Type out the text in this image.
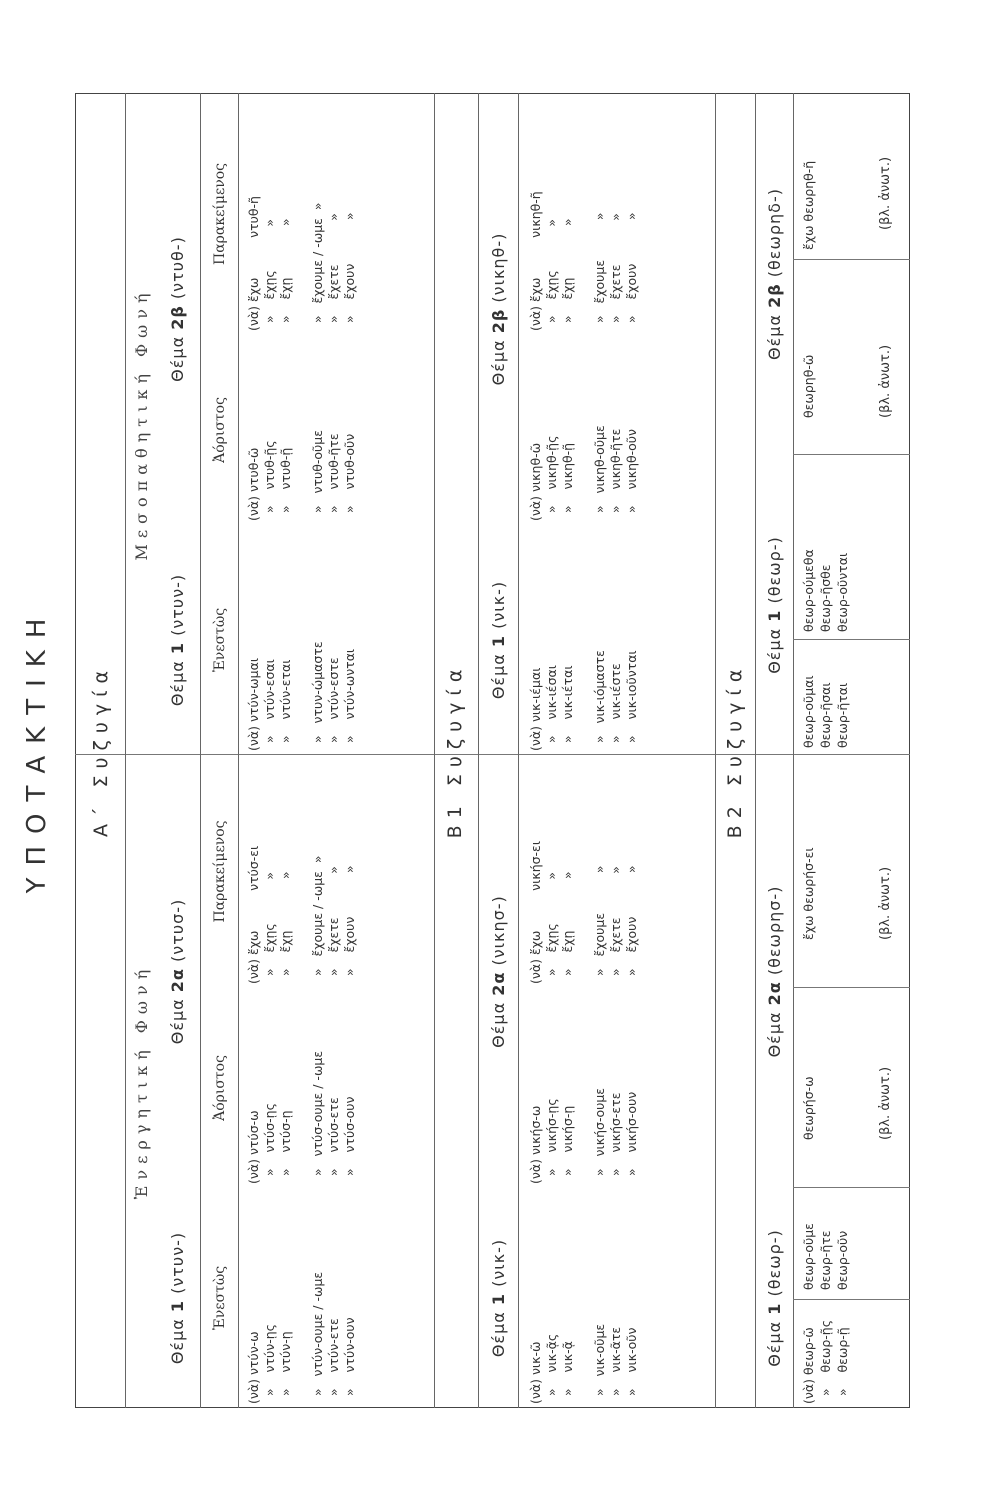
ΥΠΟΤΑΚΤΙΚΗ Α΄ Συζυγία
Ἐνεργητική Φωνή
Μεσοπαθητική Φωνή
Θέμα 1 (ντυν-)
Θέμα 2α (ντυσ-)
Θέμα 1 (ντυν-)
Θέμα 2β (ντυθ-)
Ἐνεστὼς
Ἀόριστος
Παρακείμενος
Ἐνεστὼς
Ἀόριστος
Παρακείμενος
(νὰ) ντύν-ω
»    ντύν-ῃς
»    ντύν-ῃ

»   ντύν-ουμε / -ωμε
»    ντύν-ετε
»    ντύν-ουν
(νὰ) ντύσ-ω
»    ντύσ-ῃς
»    ντύσ-ῃ

»   ντύσ-ουμε / -ωμε
»    ντύσ-ετε
»    ντύσ-ουν
(νὰ) ἔχω          ντύσ-ει
»    ἔχῃς           »
»    ἔχῃ             »

»   ἔχουμε / -ωμε  »
»    ἔχετε           »
»    ἔχουν           »
(νὰ) ντύν-ωμαι
»    ντύν-εσαι
»    ντύν-εται

»   ντυν-ώμαστε
»    ντύν-εστε
»    ντύν-ωνται
(νὰ) ντυθ-ῶ
»    ντυθ-ῇς
»    ντυθ-ῇ

»   ντυθ-οῦμε
»    ντυθ-ῆτε
»    ντυθ-οῦν
(νὰ) ἔχω          ντυθ-ῆ
»    ἔχῃς           »
»    ἔχῃ             »

»   ἔχουμε / -ωμε  »
»    ἔχετε           »
»    ἔχουν           »
Β1 Συζυγία
Θέμα 1 (νικ-)
Θέμα 2α (νικησ-)
Θέμα 1 (νικ-)
Θέμα 2β (νικηθ-)
(νὰ) νικ-ῶ
»    νικ-ᾷς
»    νικ-ᾷ

»   νικ-οῦμε
»    νικ-ᾶτε
»    νικ-οῦν
(νὰ) νικήσ-ω
»    νικήσ-ῃς
»    νικήσ-ῃ

»   νικήσ-ουμε
»    νικήσ-ετε
»    νικήσ-ουν
(νὰ) ἔχω          νικήσ-ει
»    ἔχῃς           »
»    ἔχῃ             »

»   ἔχουμε          »
»    ἔχετε           »
»    ἔχουν           »
(νὰ) νικ-ιέμαι
»    νικ-ιέσαι
»    νικ-ιέται

»   νικ-ιόμαστε
»    νικ-ιέστε
»    νικ-ιοῦνται
(νὰ) νικηθ-ῶ
»    νικηθ-ῇς
»    νικηθ-ῇ

»   νικηθ-οῦμε
»    νικηθ-ῆτε
»    νικηθ-οῦν
(νὰ) ἔχω          νικηθ-ῆ
»    ἔχῃς           »
»    ἔχῃ             »

»   ἔχουμε          »
»    ἔχετε           »
»    ἔχουν           »
Β2 Συζυγία
Θέμα 1 (θεωρ-)
Θέμα 2α (θεωρησ-)
Θέμα 1 (θεωρ-)
Θέμα 2β (θεωρηδ-)
(νὰ) θεωρ-ῶ
»    θεωρ-ῇς
»    θεωρ-ῇ
θεωρ-οῦμε
θεωρ-ῆτε
θεωρ-οῦν
θεωρήσ-ω
ἔχω θεωρήσ-ει
θεωρ-οῦμαι
θεωρ-ῆσαι
θεωρ-ῆται
θεωρ-ούμεθα
θεωρ-ῆσθε
θεωρ-οῦνται
θεωρηθ-ῶ
ἔχω θεωρηθ-ῆ
(βλ. ἀνωτ.)
(βλ. ἀνωτ.)
(βλ. ἀνωτ.)
(βλ. ἀνωτ.)
